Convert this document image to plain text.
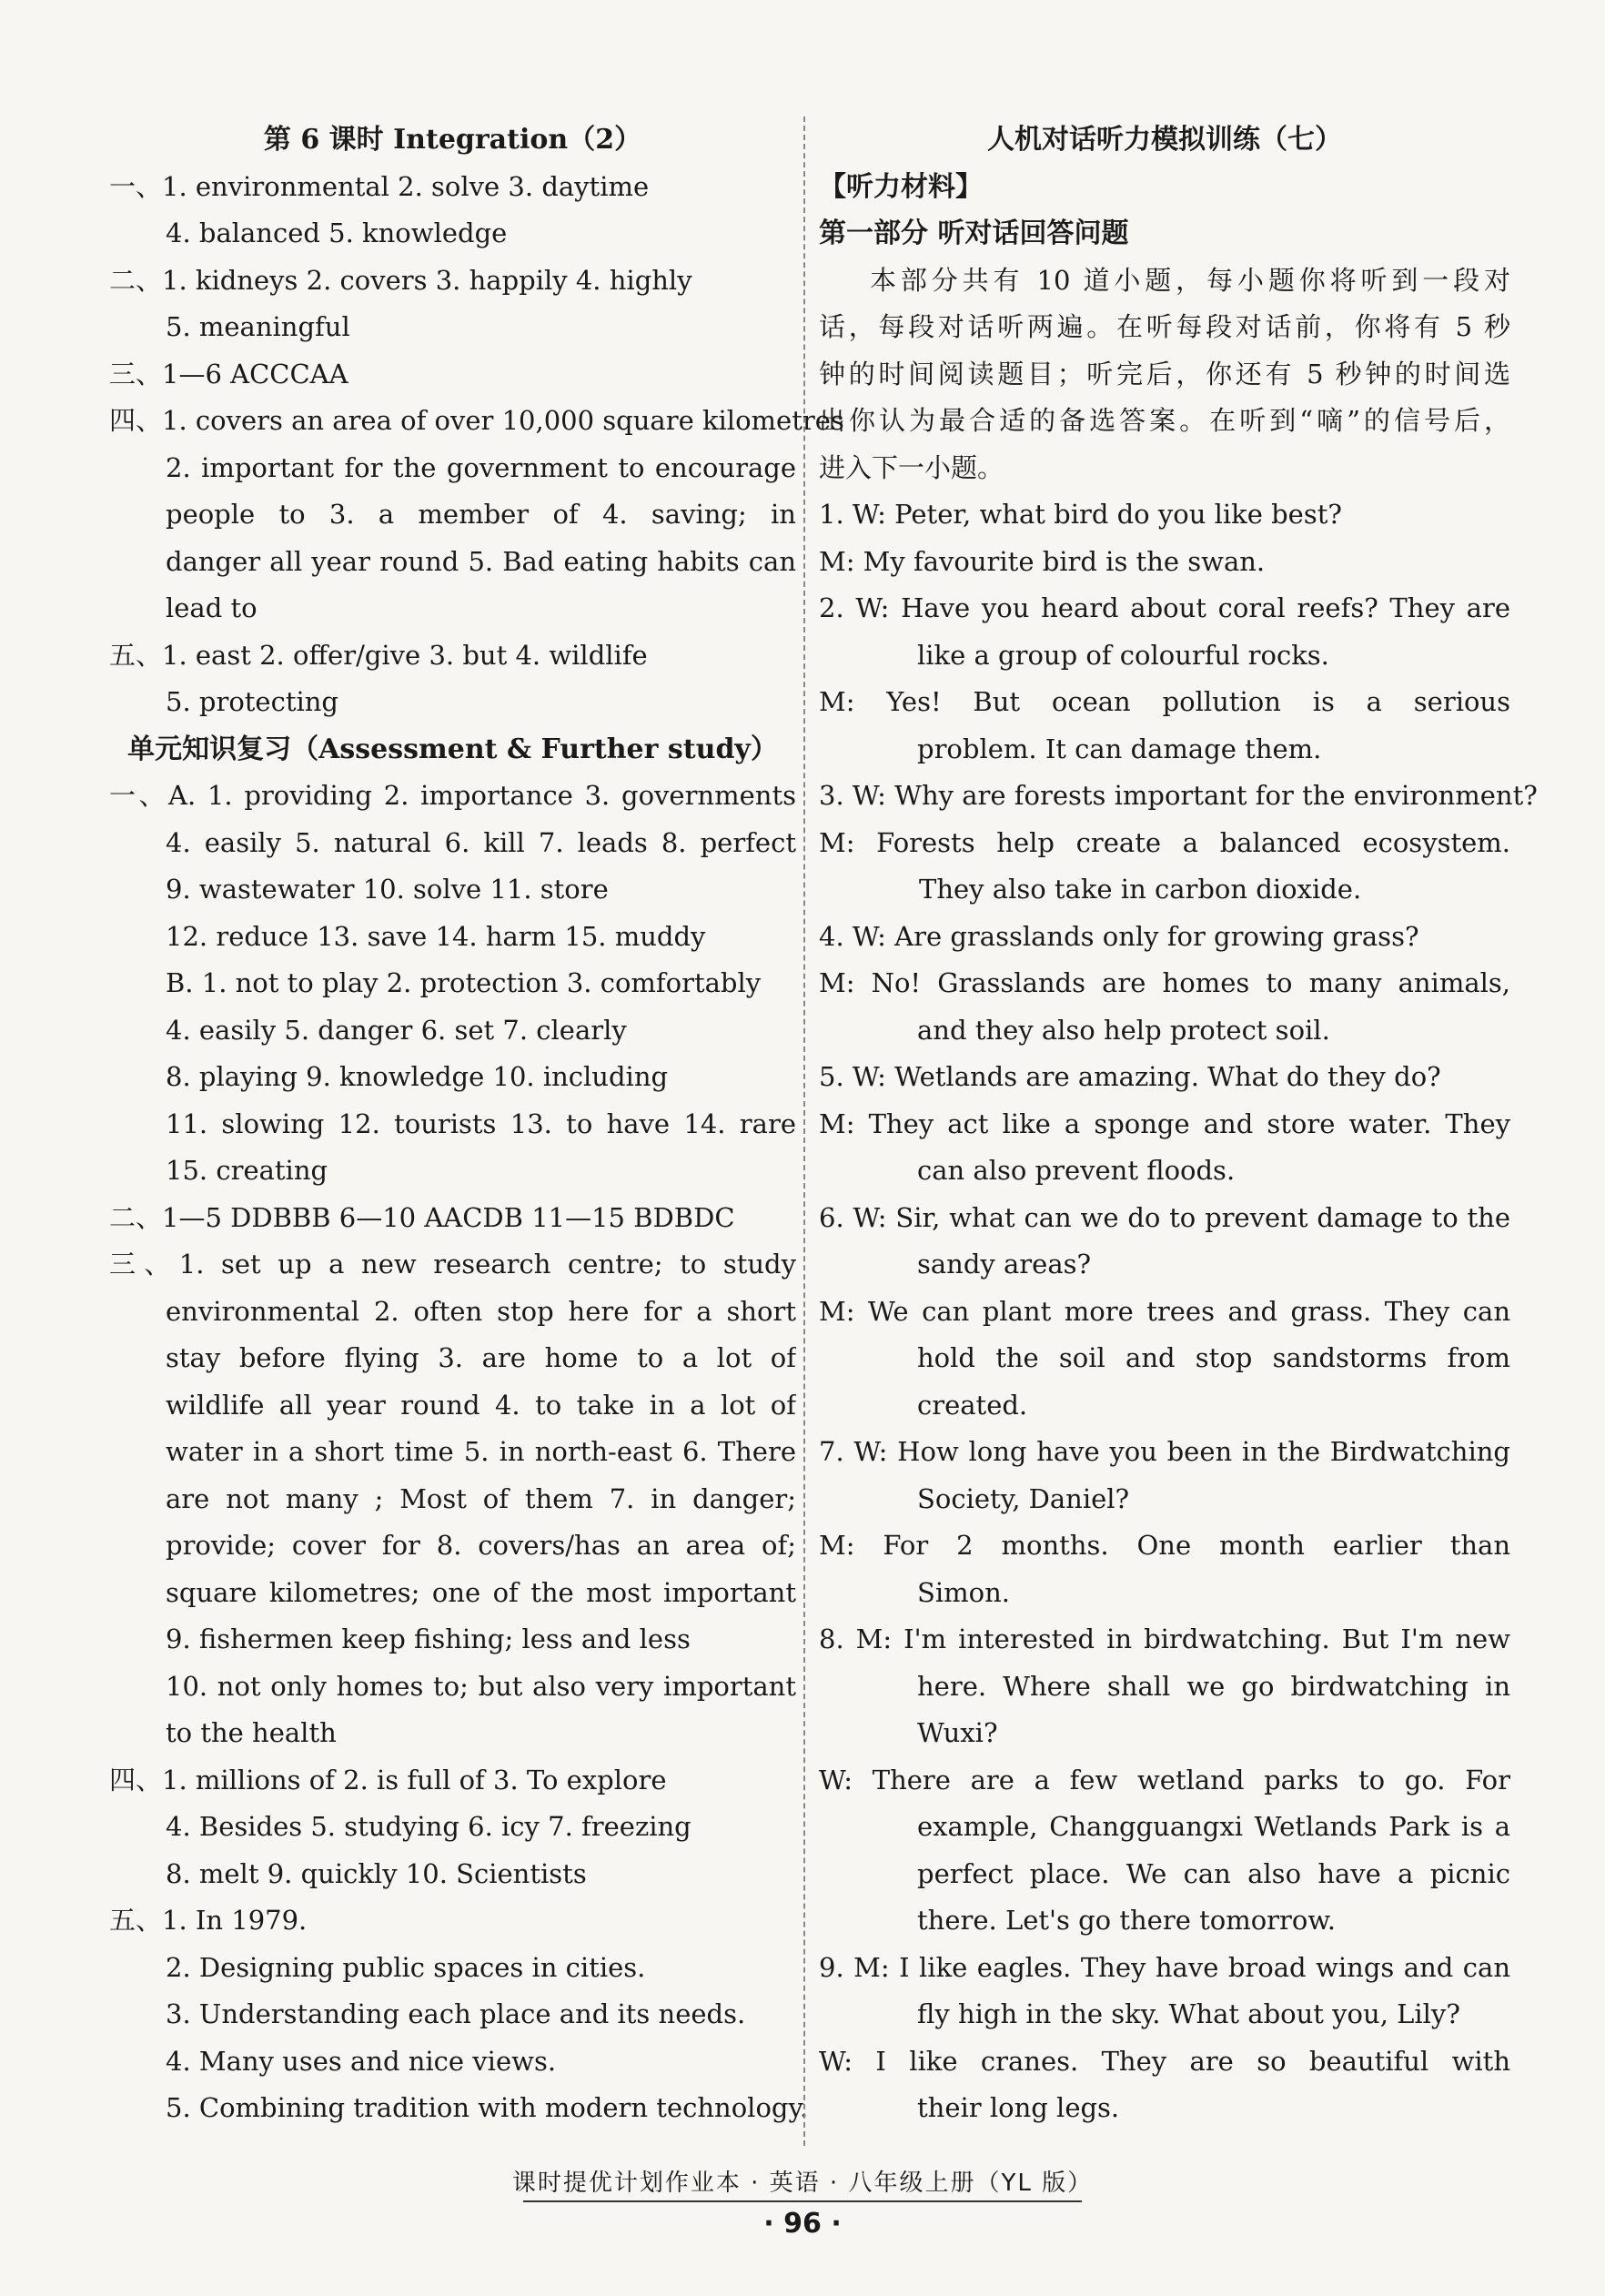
第 6 课时 Integration（2）
一、1. environmental 2. solve 3. daytime
4. balanced 5. knowledge
二、1. kidneys 2. covers 3. happily 4. highly
5. meaningful
三、1—6 ACCCAA
四、1. covers an area of over 10,000 square kilometres
2. important for the government to encourage
people to 3. a member of 4. saving; in
danger all year round 5. Bad eating habits can
lead to
五、1. east 2. offer/give 3. but 4. wildlife
5. protecting
单元知识复习（Assessment & Further study）
一、A. 1. providing 2. importance 3. governments
4. easily 5. natural 6. kill 7. leads 8. perfect
9. wastewater 10. solve 11. store
12. reduce 13. save 14. harm 15. muddy
B. 1. not to play 2. protection 3. comfortably
4. easily 5. danger 6. set 7. clearly
8. playing 9. knowledge 10. including
11. slowing 12. tourists 13. to have 14. rare
15. creating
二、1—5 DDBBB 6—10 AACDB 11—15 BDBDC
三、1. set up a new research centre; to study
environmental 2. often stop here for a short
stay before flying 3. are home to a lot of
wildlife all year round 4. to take in a lot of
water in a short time 5. in north-east 6. There
are not many ; Most of them 7. in danger;
provide; cover for 8. covers/has an area of;
square kilometres; one of the most important
9. fishermen keep fishing; less and less
10. not only homes to; but also very important
to the health
四、1. millions of 2. is full of 3. To explore
4. Besides 5. studying 6. icy 7. freezing
8. melt 9. quickly 10. Scientists
五、1. In 1979.
2. Designing public spaces in cities.
3. Understanding each place and its needs.
4. Many uses and nice views.
5. Combining tradition with modern technology.
人机对话听力模拟训练（七）
【听力材料】
第一部分 听对话回答问题
本部分共有 10 道小题，每小题你将听到一段对
话，每段对话听两遍。在听每段对话前，你将有 5 秒
钟的时间阅读题目；听完后，你还有 5 秒钟的时间选
出你认为最合适的备选答案。在听到“嘀”的信号后，
进入下一小题。
1. W: Peter, what bird do you like best?
M: My favourite bird is the swan.
2. W: Have you heard about coral reefs? They are
like a group of colourful rocks.
M: Yes! But ocean pollution is a serious
problem. It can damage them.
3. W: Why are forests important for the environment?
M: Forests help create a balanced ecosystem.
They also take in carbon dioxide.
4. W: Are grasslands only for growing grass?
M: No! Grasslands are homes to many animals,
and they also help protect soil.
5. W: Wetlands are amazing. What do they do?
M: They act like a sponge and store water. They
can also prevent floods.
6. W: Sir, what can we do to prevent damage to the
sandy areas?
M: We can plant more trees and grass. They can
hold the soil and stop sandstorms from
created.
7. W: How long have you been in the Birdwatching
Society, Daniel?
M: For 2 months. One month earlier than
Simon.
8. M: I'm interested in birdwatching. But I'm new
here. Where shall we go birdwatching in
Wuxi?
W: There are a few wetland parks to go. For
example, Changguangxi Wetlands Park is a
perfect place. We can also have a picnic
there. Let's go there tomorrow.
9. M: I like eagles. They have broad wings and can
fly high in the sky. What about you, Lily?
W: I like cranes. They are so beautiful with
their long legs.
课时提优计划作业本 · 英语 · 八年级上册（YL 版）
· 96 ·
